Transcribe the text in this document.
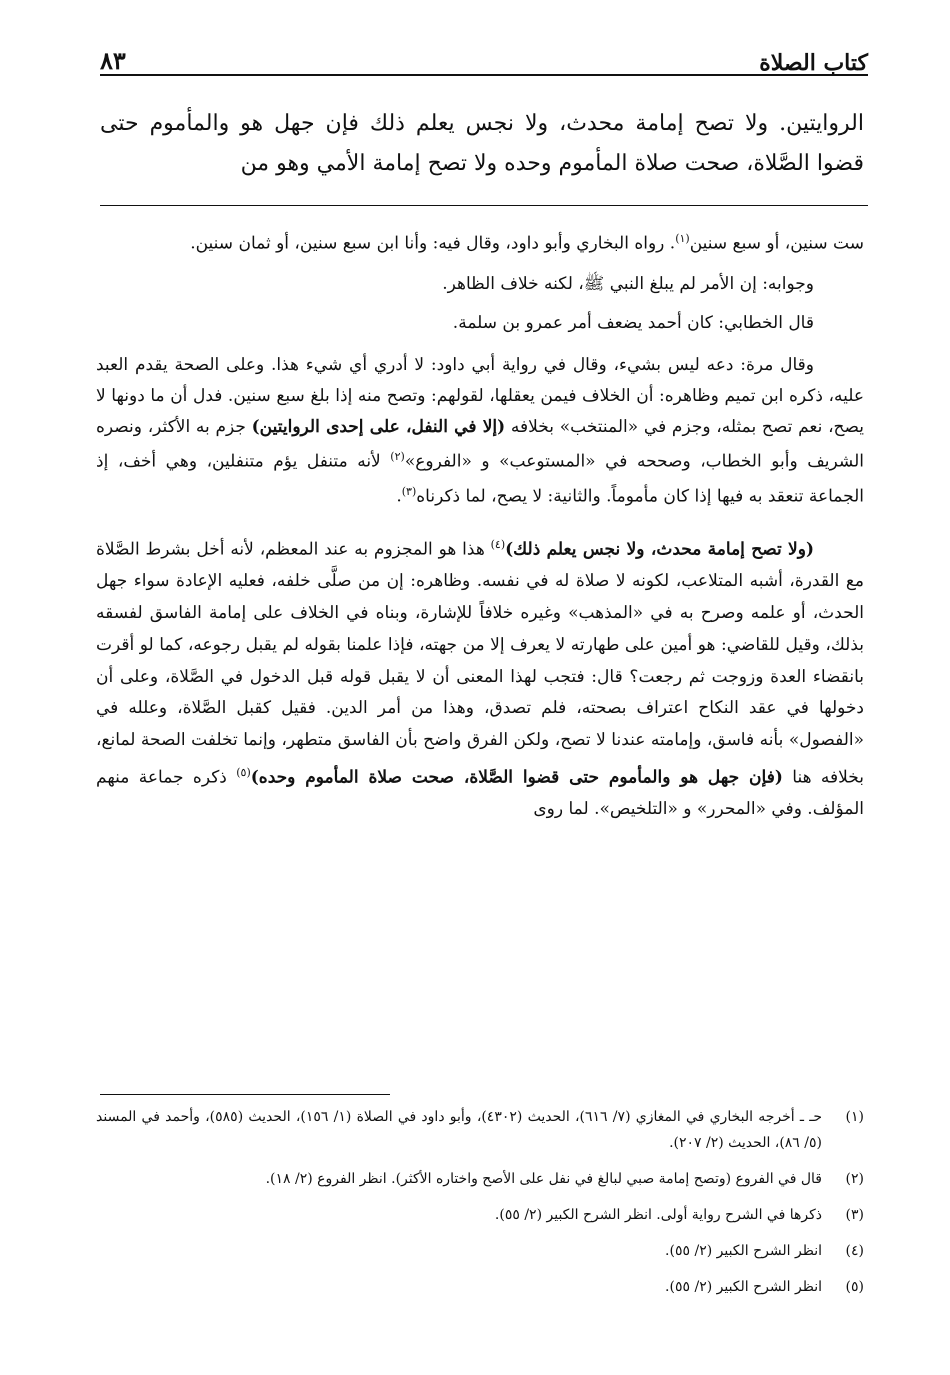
كتاب الصلاة
٨٣

الروايتين. ولا تصح إمامة محدث، ولا نجس يعلم ذلك فإن جهل هو والمأموم حتى قضوا الصَّلاة، صحت صلاة المأموم وحده ولا تصح إمامة الأمي وهو من

ست سنين، أو سبع سنين$^{(١)}$. رواه البخاري وأبو داود، وقال فيه: وأنا ابن سبع سنين، أو ثمان سنين.

وجوابه: إن الأمر لم يبلغ النبي ﷺ، لكنه خلاف الظاهر.

قال الخطابي: كان أحمد يضعف أمر عمرو بن سلمة.

وقال مرة: دعه ليس بشيء، وقال في رواية أبي داود: لا أدري أي شيء هذا. وعلى الصحة يقدم العبد عليه، ذكره ابن تميم وظاهره: أن الخلاف فيمن يعقلها، لقولهم: وتصح منه إذا بلغ سبع سنين. فدل أن ما دونها لا يصح، نعم تصح بمثله، وجزم في «المنتخب» بخلافه (إلا في النفل، على إحدى الروايتين) جزم به الأكثر، ونصره الشريف وأبو الخطاب، وصححه في «المستوعب» و «الفروع»$^{(٢)}$ لأنه متنفل يؤم متنفلين، وهي أخف، إذ الجماعة تنعقد به فيها إذا كان مأموماً. والثانية: لا يصح، لما ذكرناه$^{(٣)}$.

(ولا تصح إمامة محدث، ولا نجس يعلم ذلك)$^{(٤)}$ هذا هو المجزوم به عند المعظم، لأنه أخل بشرط الصَّلاة مع القدرة، أشبه المتلاعب، لكونه لا صلاة له في نفسه. وظاهره: إن من صلَّى خلفه، فعليه الإعادة سواء جهل الحدث، أو علمه وصرح به في «المذهب» وغيره خلافاً للإشارة، وبناه في الخلاف على إمامة الفاسق لفسقه بذلك، وقيل للقاضي: هو أمين على طهارته لا يعرف إلا من جهته، فإذا علمنا بقوله لم يقبل رجوعه، كما لو أقرت بانقضاء العدة وزوجت ثم رجعت؟ قال: فتجب لهذا المعنى أن لا يقبل قوله قبل الدخول في الصَّلاة، وعلى أن دخولها في عقد النكاح اعتراف بصحته، فلم تصدق، وهذا من أمر الدين. فقيل كقبل الصَّلاة، وعلله في «الفصول» بأنه فاسق، وإمامته عندنا لا تصح، ولكن الفرق واضح بأن الفاسق متطهر، وإنما تخلفت الصحة لمانع، بخلافه هنا (فإن جهل هو والمأموم حتى قضوا الصَّلاة، صحت صلاة المأموم وحده)$^{(٥)}$ ذكره جماعة منهم المؤلف. وفي «المحرر» و «التلخيص». لما روى

(١)
حـ ـ أخرجه البخاري في المغازي (٧/ ٦١٦)، الحديث (٤٣٠٢)، وأبو داود في الصلاة (١/ ١٥٦)، الحديث (٥٨٥)، وأحمد في المسند (٥/ ٨٦)، الحديث (٢/ ٢٠٧).
(٢)
قال في الفروع (وتصح إمامة صبي لبالغ في نفل على الأصح واختاره الأكثر). انظر الفروع (٢/ ١٨).
(٣)
ذكرها في الشرح رواية أولى. انظر الشرح الكبير (٢/ ٥٥).
(٤)
انظر الشرح الكبير (٢/ ٥٥).
(٥)
انظر الشرح الكبير (٢/ ٥٥).
